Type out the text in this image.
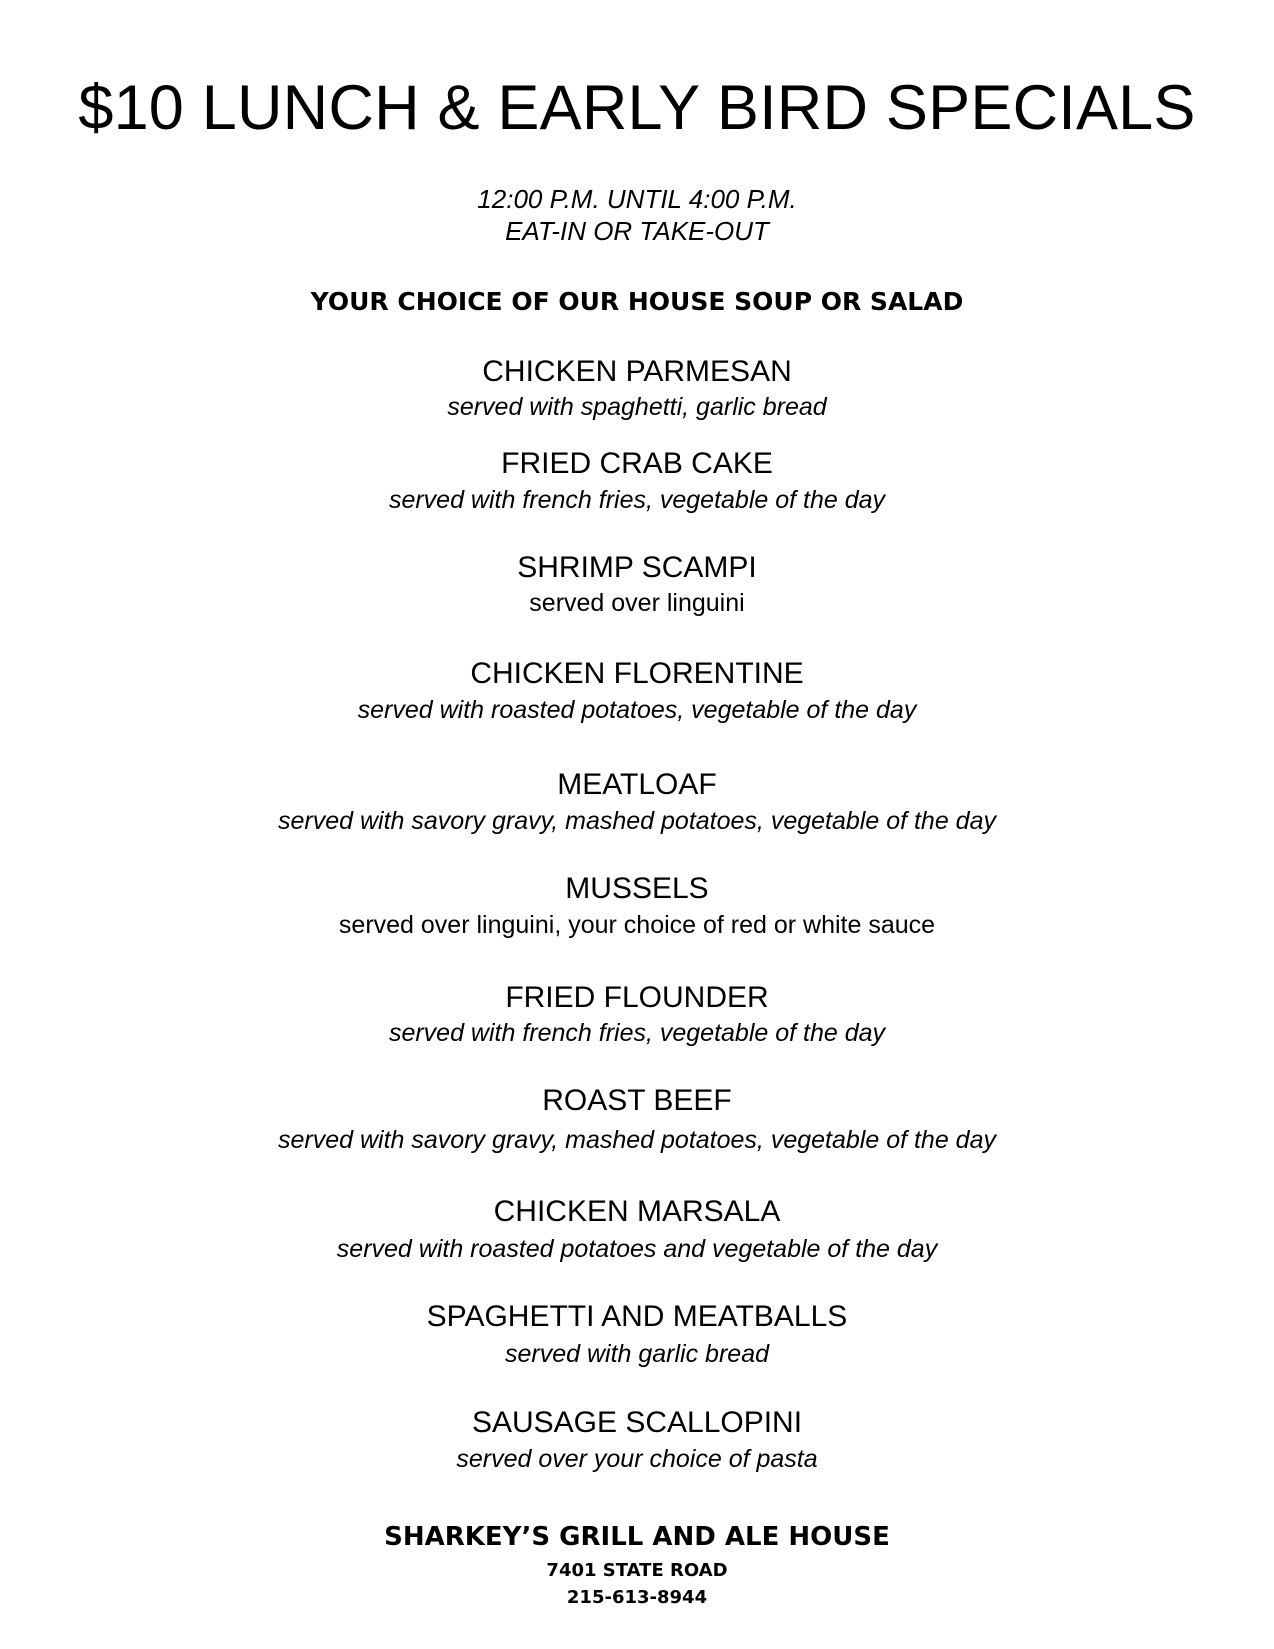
$10 LUNCH & EARLY BIRD SPECIALS
12:00 P.M. UNTIL 4:00 P.M.
EAT-IN OR TAKE-OUT
YOUR CHOICE OF OUR HOUSE SOUP OR SALAD
CHICKEN PARMESAN
served with spaghetti, garlic bread
FRIED CRAB CAKE
served with french fries, vegetable of the day
SHRIMP SCAMPI
served over linguini
CHICKEN FLORENTINE
served with roasted potatoes, vegetable of the day
MEATLOAF
served with savory gravy, mashed potatoes, vegetable of the day
MUSSELS
served over linguini, your choice of red or white sauce
FRIED FLOUNDER
served with french fries, vegetable of the day
ROAST BEEF
served with savory gravy, mashed potatoes, vegetable of the day
CHICKEN MARSALA
served with roasted potatoes and vegetable of the day
SPAGHETTI AND MEATBALLS
served with garlic bread
SAUSAGE SCALLOPINI
served over your choice of pasta
SHARKEY’S GRILL AND ALE HOUSE
7401 STATE ROAD
215-613-8944
